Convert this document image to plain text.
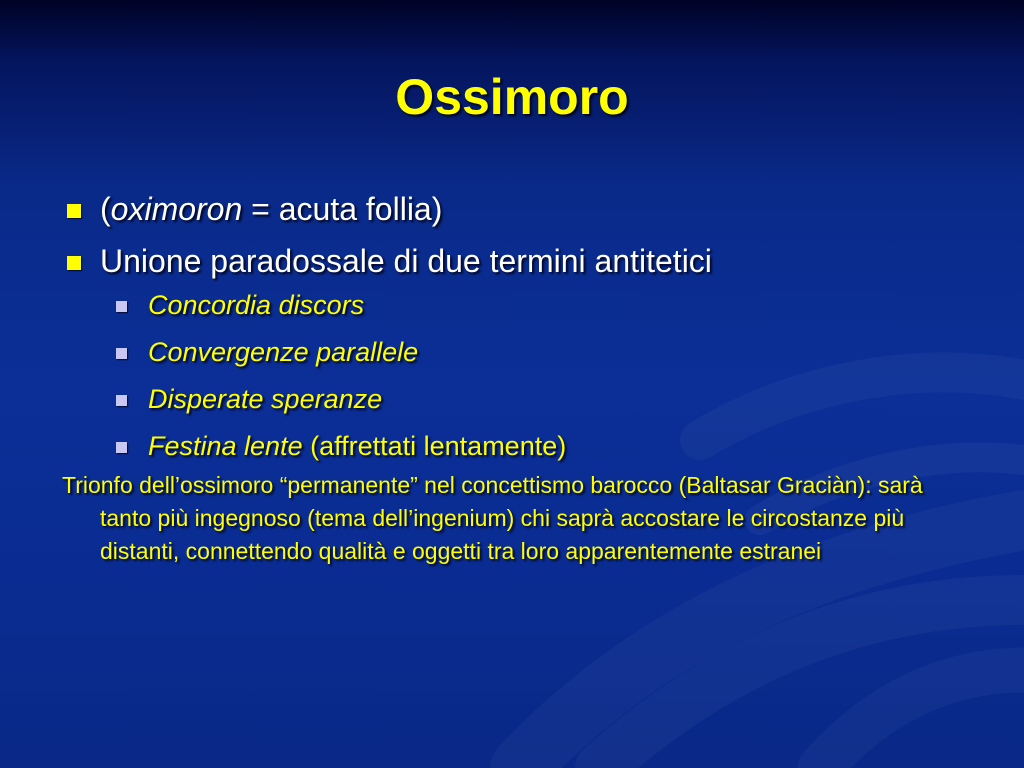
Ossimoro
(oximoron = acuta follia)
Unione paradossale di due termini antitetici
Concordia discors
Convergenze parallele
Disperate speranze
Festina lente (affrettati lentamente)

Trionfo dell’ossimoro “permanente” nel concettismo barocco (Baltasar Graciàn): sarà tanto più ingegnoso (tema dell’ingenium) chi saprà accostare le circostanze più distanti, connettendo qualità e oggetti tra loro apparentemente estranei
